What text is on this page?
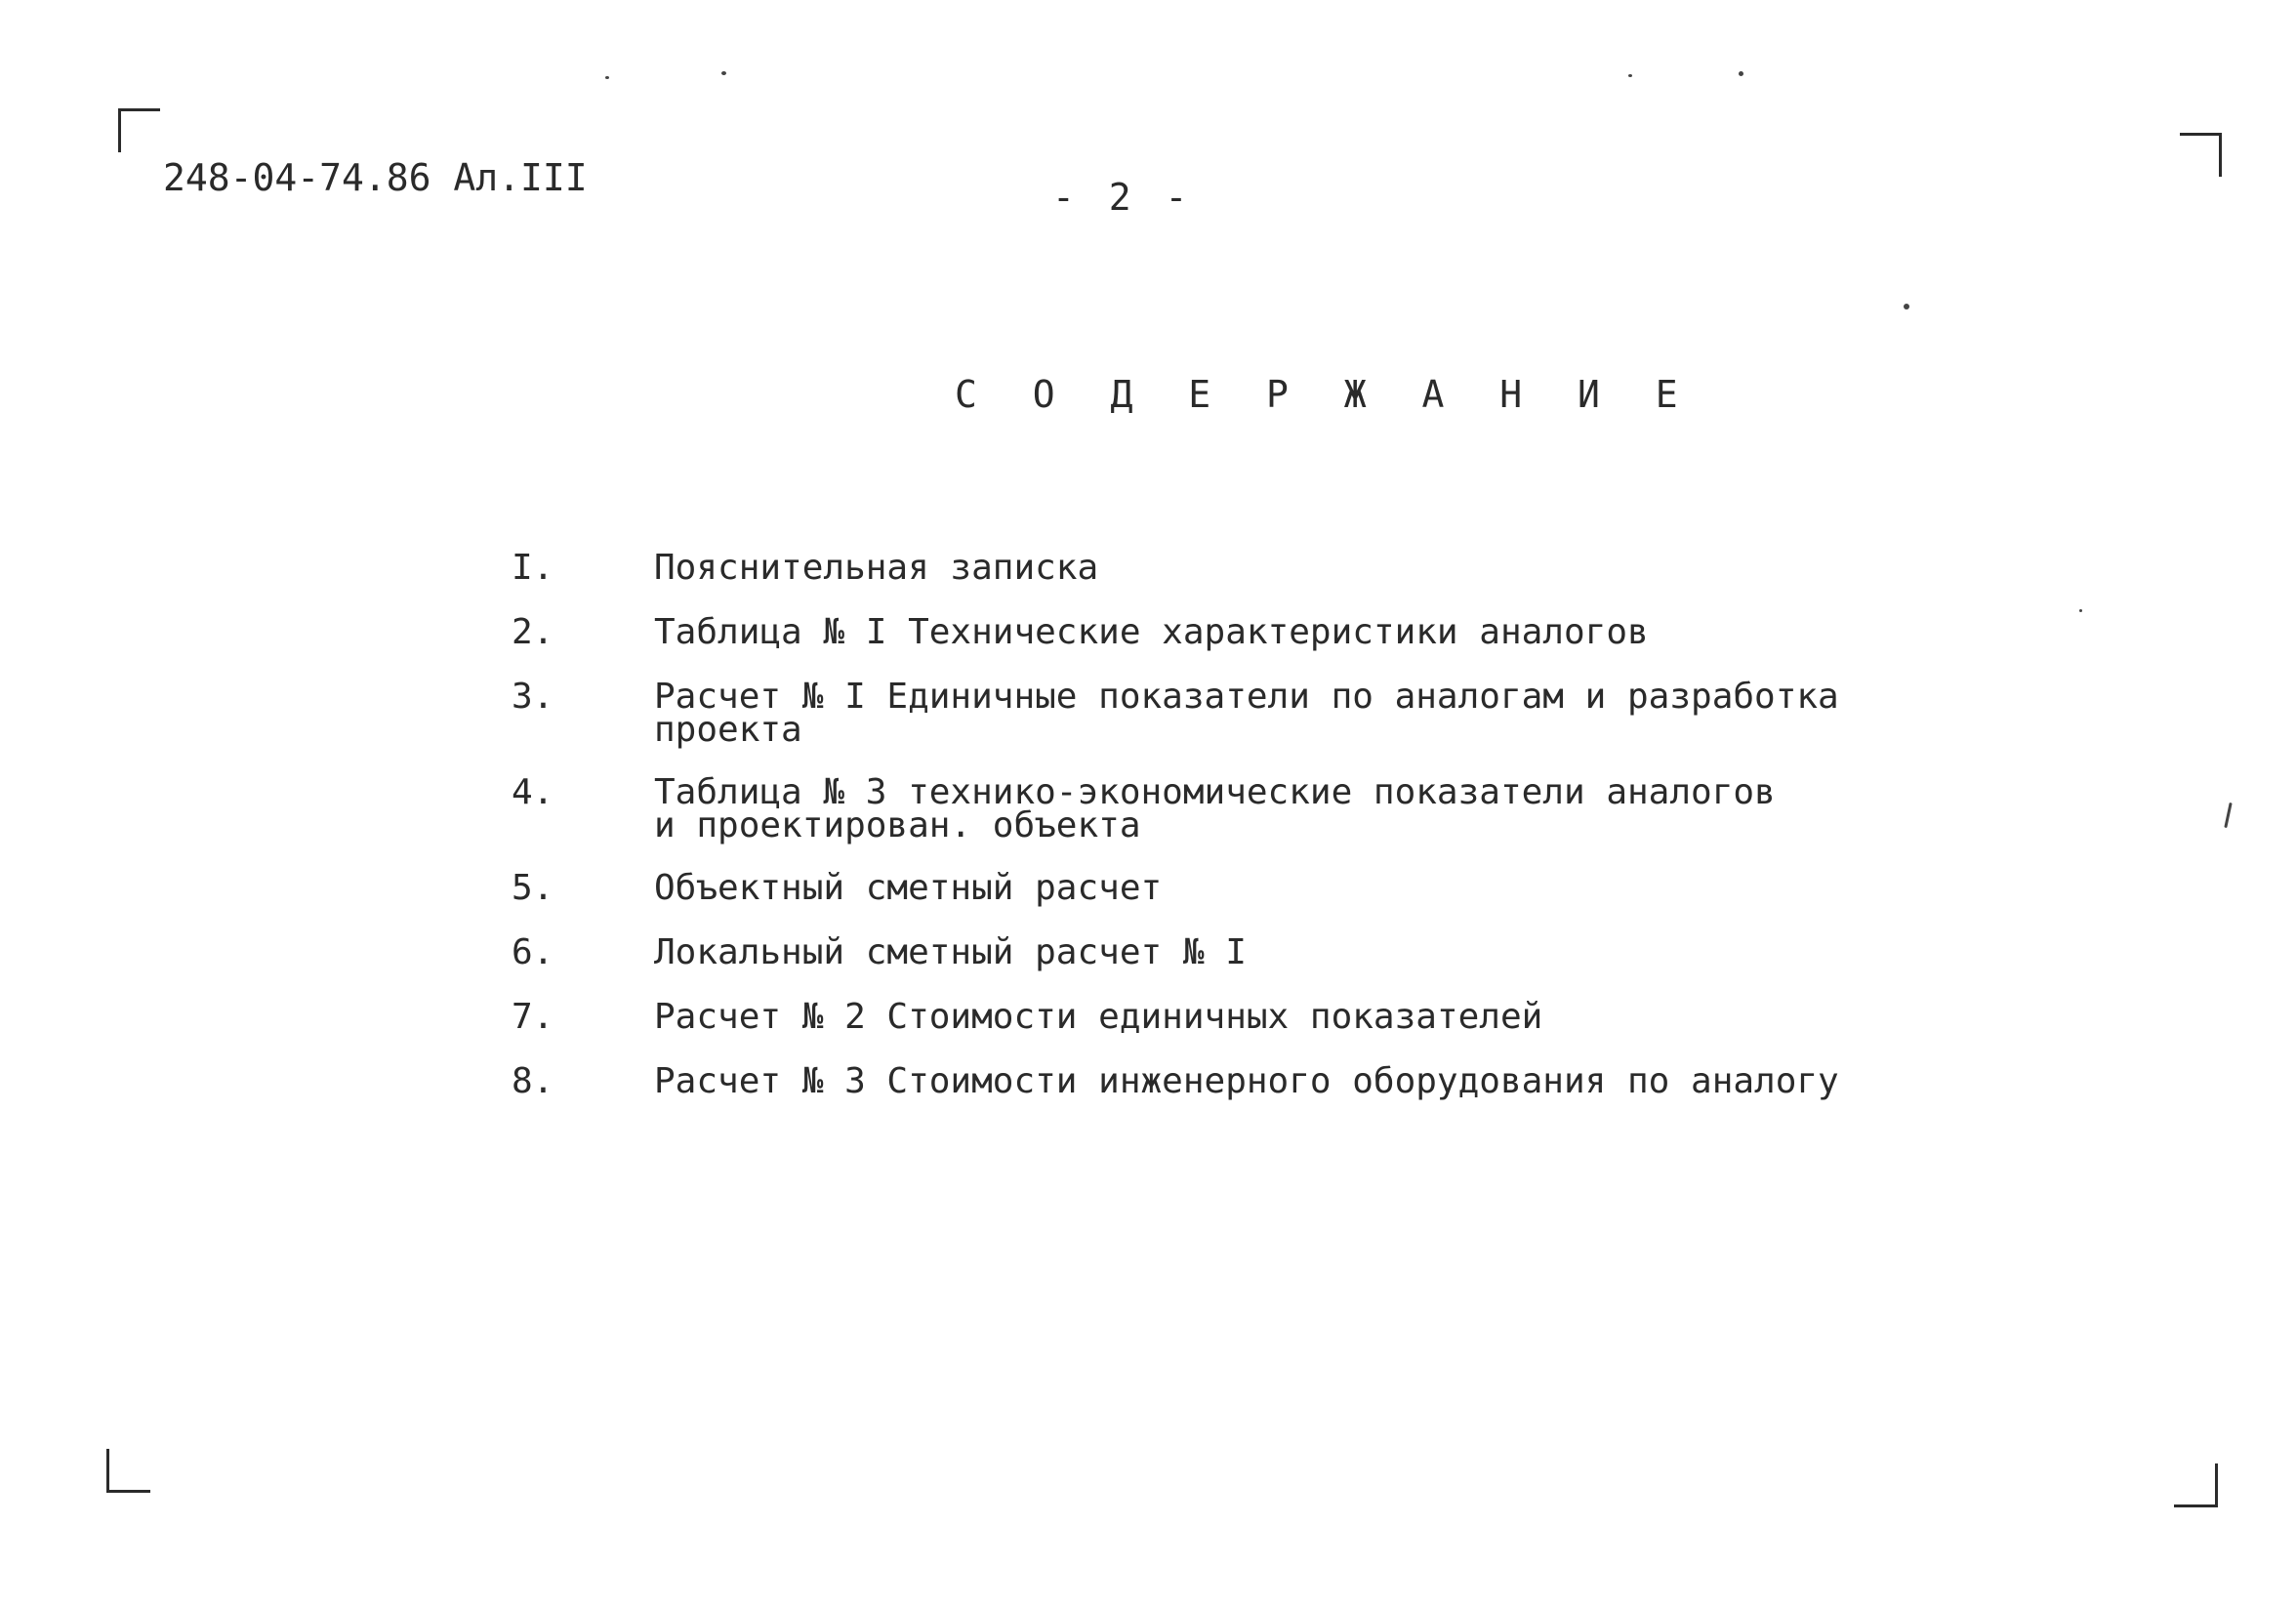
248-04-74.86 Ал.III	- 2 -
С О Д Е Р Ж А Н И Е
I.	Пояснительная записка
2.	Таблица № I Технические характеристики аналогов
3.	Расчет № I Единичные показатели по аналогам и разработка
проекта
4.	Таблица № 3 технико-экономические показатели аналогов
и проектирован. объекта
5.	Объектный сметный расчет
6.	Локальный сметный расчет № I
7.	Расчет № 2 Стоимости единичных показателей
8.	Расчет № 3 Стоимости инженерного оборудования по аналогу
